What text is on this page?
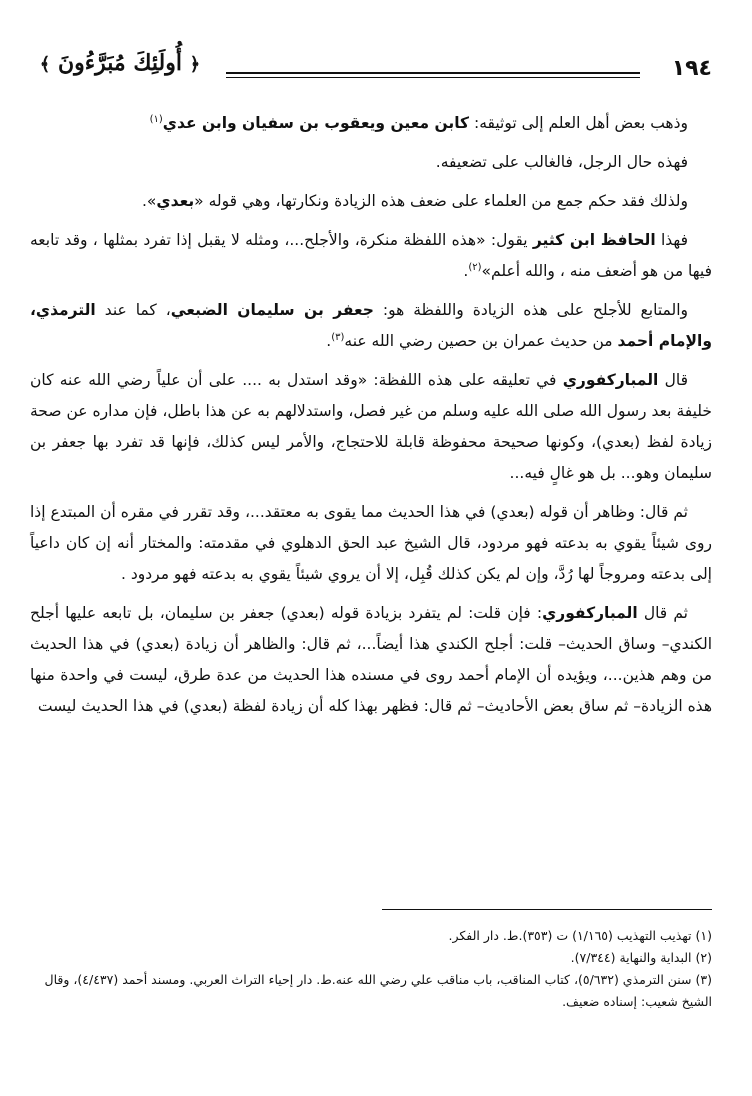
١٩٤
﴿ أُولَئِكَ مُبَرَّءُونَ ﴾

وذهب بعض أهل العلم إلى توثيقه: كابن معين ويعقوب بن سفيان وابن عدي$^{(١)}$

فهذه حال الرجل، فالغالب على تضعيفه.

ولذلك فقد حكم جمع من العلماء على ضعف هذه الزيادة ونكارتها، وهي قوله «بعدي».

فهذا الحافظ ابن كثير يقول: «هذه اللفظة منكرة، والأجلح...، ومثله لا يقبل إذا تفرد بمثلها ، وقد تابعه فيها من هو أضعف منه ، والله أعلم»$^{(٢)}$.

والمتابع للأجلح على هذه الزيادة واللفظة هو: جعفر بن سليمان الضبعي، كما عند الترمذي، والإمام أحمد من حديث عمران بن حصين رضي الله عنه$^{(٣)}$.

قال المباركفوري في تعليقه على هذه اللفظة: «وقد استدل به .... على أن علياً رضي الله عنه كان خليفة بعد رسول الله صلى الله عليه وسلم من غير فصل، واستدلالهم به عن هذا باطل، فإن مداره عن صحة زيادة لفظ (بعدي)، وكونها صحيحة محفوظة قابلة للاحتجاج، والأمر ليس كذلك، فإنها قد تفرد بها جعفر بن سليمان وهو... بل هو غالٍ فيه...

ثم قال: وظاهر أن قوله (بعدي) في هذا الحديث مما يقوى به معتقد...، وقد تقرر في مقره أن المبتدع إذا روى شيئاً يقوي به بدعته فهو مردود، قال الشيخ عبد الحق الدهلوي في مقدمته: والمختار أنه إن كان داعياً إلى بدعته ومروجاً لها رُدَّ، وإن لم يكن كذلك قُبِل، إلا أن يروي شيئاً يقوي به بدعته فهو مردود .

ثم قال المباركفوري: فإن قلت: لم يتفرد بزيادة قوله (بعدي) جعفر بن سليمان، بل تابعه عليها أجلح الكندي– وساق الحديث– قلت: أجلح الكندي هذا أيضاً...، ثم قال: والظاهر أن زيادة (بعدي) في هذا الحديث من وهم هذين...، ويؤيده أن الإمام أحمد روى في مسنده هذا الحديث من عدة طرق، ليست في واحدة منها هذه الزيادة– ثم ساق بعض الأحاديث– ثم قال: فظهر بهذا كله أن زيادة لفظة (بعدي) في هذا الحديث ليست

(١) تهذيب التهذيب (١/١٦٥) ت (٣٥٣).ط. دار الفكر.
(٢) البداية والنهاية (٧/٣٤٤).
(٣) سنن الترمذي (٥/٦٣٢)، كتاب المناقب، باب مناقب علي رضي الله عنه.ط. دار إحياء التراث العربي. ومسند أحمد (٤/٤٣٧)، وقال الشيخ شعيب: إسناده ضعيف.
